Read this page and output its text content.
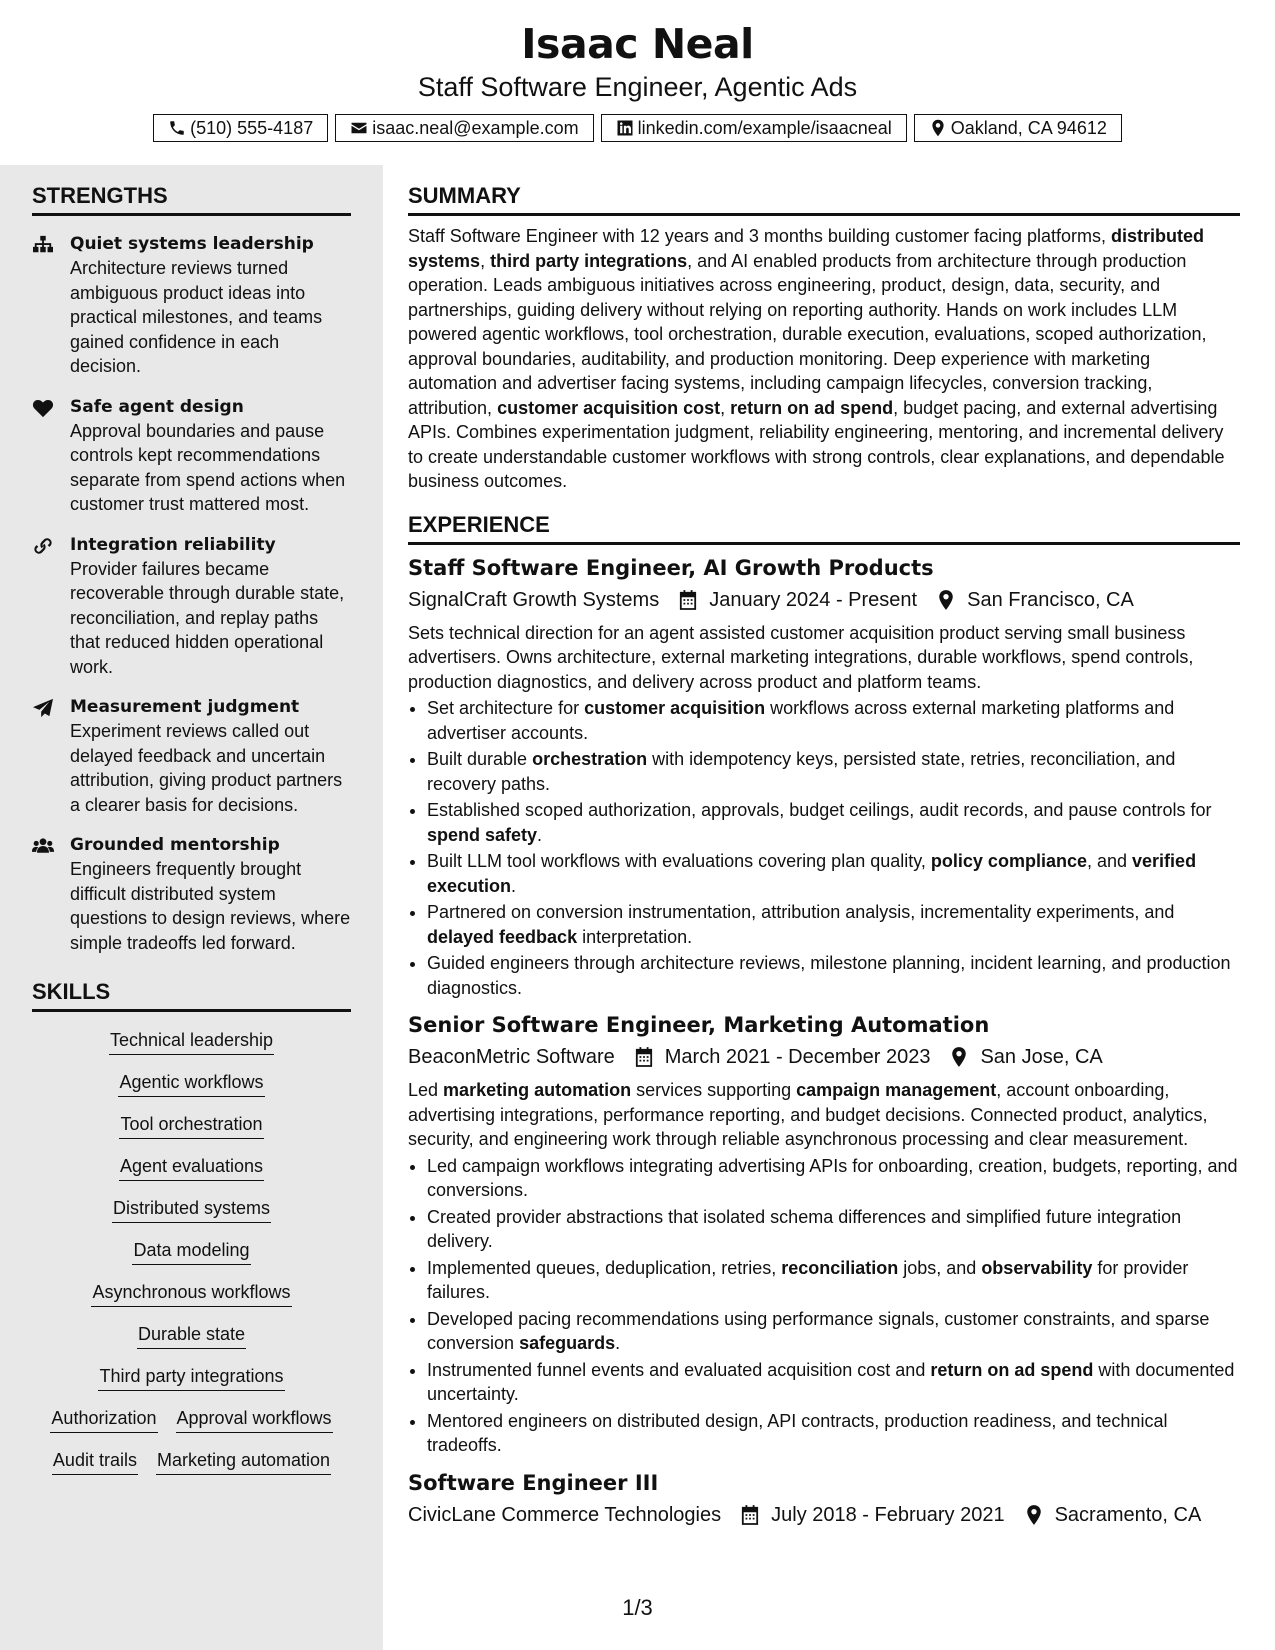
Isaac Neal
Staff Software Engineer, Agentic Ads
(510) 555-4187	isaac.neal@example.com	linkedin.com/example/isaacneal	Oakland, CA 94612
STRENGTHS
Quiet systems leadership
Architecture reviews turned ambiguous product ideas into practical milestones, and teams gained confidence in each decision.
Safe agent design
Approval boundaries and pause controls kept recommendations separate from spend actions when customer trust mattered most.
Integration reliability
Provider failures became recoverable through durable state, reconciliation, and replay paths that reduced hidden operational work.
Measurement judgment
Experiment reviews called out delayed feedback and uncertain attribution, giving product partners a clearer basis for decisions.
Grounded mentorship
Engineers frequently brought difficult distributed system questions to design reviews, where simple tradeoffs led forward.
SKILLS
Technical leadership
Agentic workflows
Tool orchestration
Agent evaluations
Distributed systems
Data modeling
Asynchronous workflows
Durable state
Third party integrations
Authorization Approval workflows
Audit trails Marketing automation
SUMMARY
Staff Software Engineer with 12 years and 3 months building customer facing platforms, distributed systems, third party integrations, and AI enabled products from architecture through production operation. Leads ambiguous initiatives across engineering, product, design, data, security, and partnerships, guiding delivery without relying on reporting authority. Hands on work includes LLM powered agentic workflows, tool orchestration, durable execution, evaluations, scoped authorization, approval boundaries, auditability, and production monitoring. Deep experience with marketing automation and advertiser facing systems, including campaign lifecycles, conversion tracking, attribution, customer acquisition cost, return on ad spend, budget pacing, and external advertising APIs. Combines experimentation judgment, reliability engineering, mentoring, and incremental delivery to create understandable customer workflows with strong controls, clear explanations, and dependable business outcomes.
EXPERIENCE
Staff Software Engineer, AI Growth Products
SignalCraft Growth Systems	January 2024 - Present	San Francisco, CA
Sets technical direction for an agent assisted customer acquisition product serving small business advertisers. Owns architecture, external marketing integrations, durable workflows, spend controls, production diagnostics, and delivery across product and platform teams.
• Set architecture for customer acquisition workflows across external marketing platforms and advertiser accounts.
• Built durable orchestration with idempotency keys, persisted state, retries, reconciliation, and recovery paths.
• Established scoped authorization, approvals, budget ceilings, audit records, and pause controls for spend safety.
• Built LLM tool workflows with evaluations covering plan quality, policy compliance, and verified execution.
• Partnered on conversion instrumentation, attribution analysis, incrementality experiments, and delayed feedback interpretation.
• Guided engineers through architecture reviews, milestone planning, incident learning, and production diagnostics.
Senior Software Engineer, Marketing Automation
BeaconMetric Software	March 2021 - December 2023	San Jose, CA
Led marketing automation services supporting campaign management, account onboarding, advertising integrations, performance reporting, and budget decisions. Connected product, analytics, security, and engineering work through reliable asynchronous processing and clear measurement.
• Led campaign workflows integrating advertising APIs for onboarding, creation, budgets, reporting, and conversions.
• Created provider abstractions that isolated schema differences and simplified future integration delivery.
• Implemented queues, deduplication, retries, reconciliation jobs, and observability for provider failures.
• Developed pacing recommendations using performance signals, customer constraints, and sparse conversion safeguards.
• Instrumented funnel events and evaluated acquisition cost and return on ad spend with documented uncertainty.
• Mentored engineers on distributed design, API contracts, production readiness, and technical tradeoffs.
Software Engineer III
CivicLane Commerce Technologies	July 2018 - February 2021	Sacramento, CA
1/3
